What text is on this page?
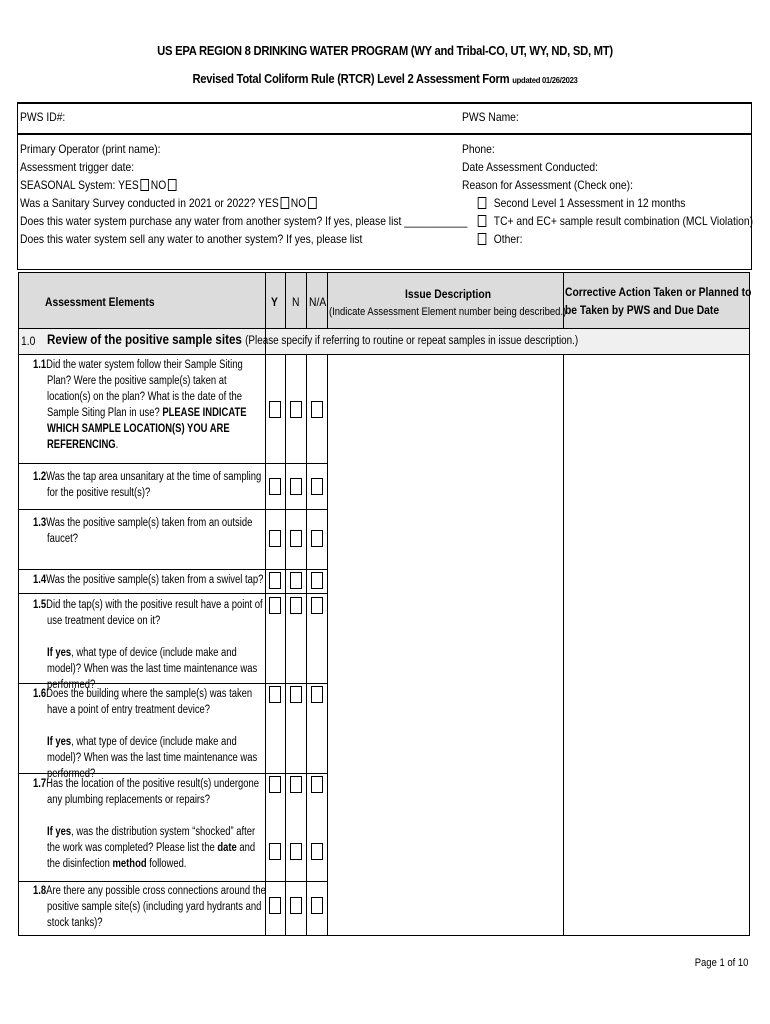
US EPA REGION 8 DRINKING WATER PROGRAM (WY and Tribal-CO, UT, WY, ND, SD, MT)
Revised Total Coliform Rule (RTCR) Level 2 Assessment Form updated 01/26/2023
PWS ID#:	PWS Name:
Primary Operator (print name):
Assessment trigger date:
SEASONAL System: YES NO
Was a Sanitary Survey conducted in 2021 or 2022? YES NO
Does this water system purchase any water from another system? If yes, please list ___________
Does this water system sell any water to another system? If yes, please list
Phone:
Date Assessment Conducted:
Reason for Assessment (Check one):
Second Level 1 Assessment in 12 months
TC+ and EC+ sample result combination (MCL Violation)
Other:
Assessment Elements	Y N N/A
Issue Description
(Indicate Assessment Element number being described.)
Corrective Action Taken or Planned to
be Taken by PWS and Due Date
1.0 Review of the positive sample sites (Please specify if referring to routine or repeat samples in issue description.)
1.1Did the water system follow their Sample Siting Plan? Were the positive sample(s) taken at location(s) on the plan? What is the date of the Sample Siting Plan in use? PLEASE INDICATE WHICH SAMPLE LOCATION(S) YOU ARE REFERENCING.
1.2Was the tap area unsanitary at the time of sampling for the positive result(s)?
1.3Was the positive sample(s) taken from an outside faucet?
1.4Was the positive sample(s) taken from a swivel tap?
1.5Did the tap(s) with the positive result have a point of use treatment device on it?
If yes, what type of device (include make and model)? When was the last time maintenance was performed?
1.6Does the building where the sample(s) was taken have a point of entry treatment device?
If yes, what type of device (include make and model)? When was the last time maintenance was performed?
1.7Has the location of the positive result(s) undergone any plumbing replacements or repairs?
If yes, was the distribution system “shocked” after the work was completed? Please list the date and the disinfection method followed.
1.8Are there any possible cross connections around the positive sample site(s) (including yard hydrants and stock tanks)?
Page 1 of 10
